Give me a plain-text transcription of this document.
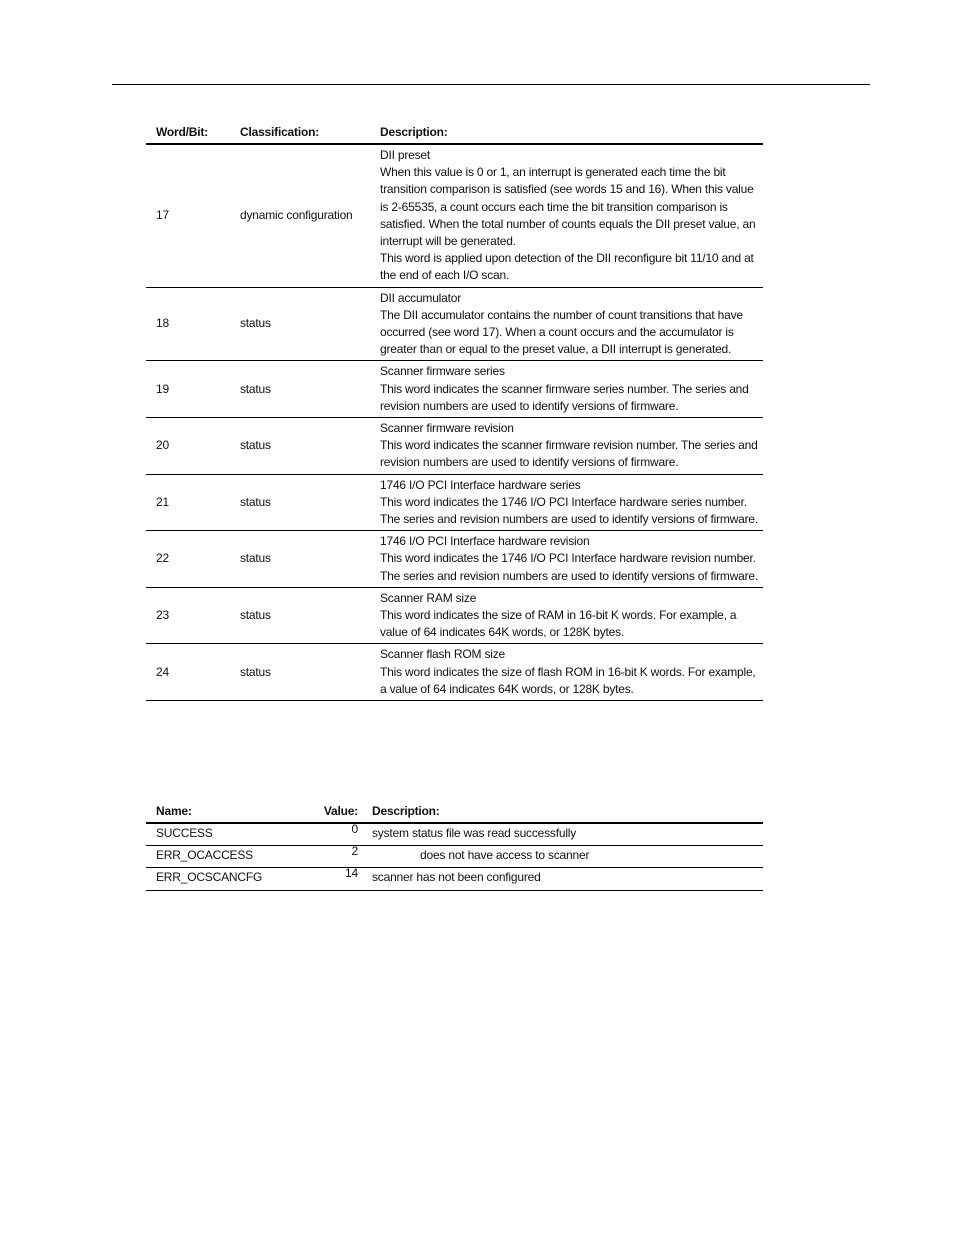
Word/Bit:	Classification:	Description:
17	dynamic configuration	DII preset
When this value is 0 or 1, an interrupt is generated each time the bit transition comparison is satisfied (see words 15 and 16). When this value is 2-65535, a count occurs each time the bit transition comparison is satisfied. When the total number of counts equals the DII preset value, an interrupt will be generated.
This word is applied upon detection of the DII reconfigure bit 11/10 and at the end of each I/O scan.

18	status	DII accumulator
The DII accumulator contains the number of count transitions that have occurred (see word 17). When a count occurs and the accumulator is greater than or equal to the preset value, a DII interrupt is generated.

19	status	Scanner firmware series
This word indicates the scanner firmware series number. The series and revision numbers are used to identify versions of firmware.

20	status	Scanner firmware revision
This word indicates the scanner firmware revision number. The series and revision numbers are used to identify versions of firmware.

21	status	1746 I/O PCI Interface hardware series
This word indicates the 1746 I/O PCI Interface hardware series number. The series and revision numbers are used to identify versions of firmware.

22	status	1746 I/O PCI Interface hardware revision
This word indicates the 1746 I/O PCI Interface hardware revision number. The series and revision numbers are used to identify versions of firmware.

23	status	Scanner RAM size
This word indicates the size of RAM in 16-bit K words. For example, a value of 64 indicates 64K words, or 128K bytes.

24	status	Scanner flash ROM size
This word indicates the size of flash ROM in 16-bit K words. For example, a value of 64 indicates 64K words, or 128K bytes.
Name:	Value:	Description:
SUCCESS	0	system status file was read successfully

ERR_OCACCESS	2	does not have access to scanner

ERR_OCSCANCFG	14	scanner has not been configured
